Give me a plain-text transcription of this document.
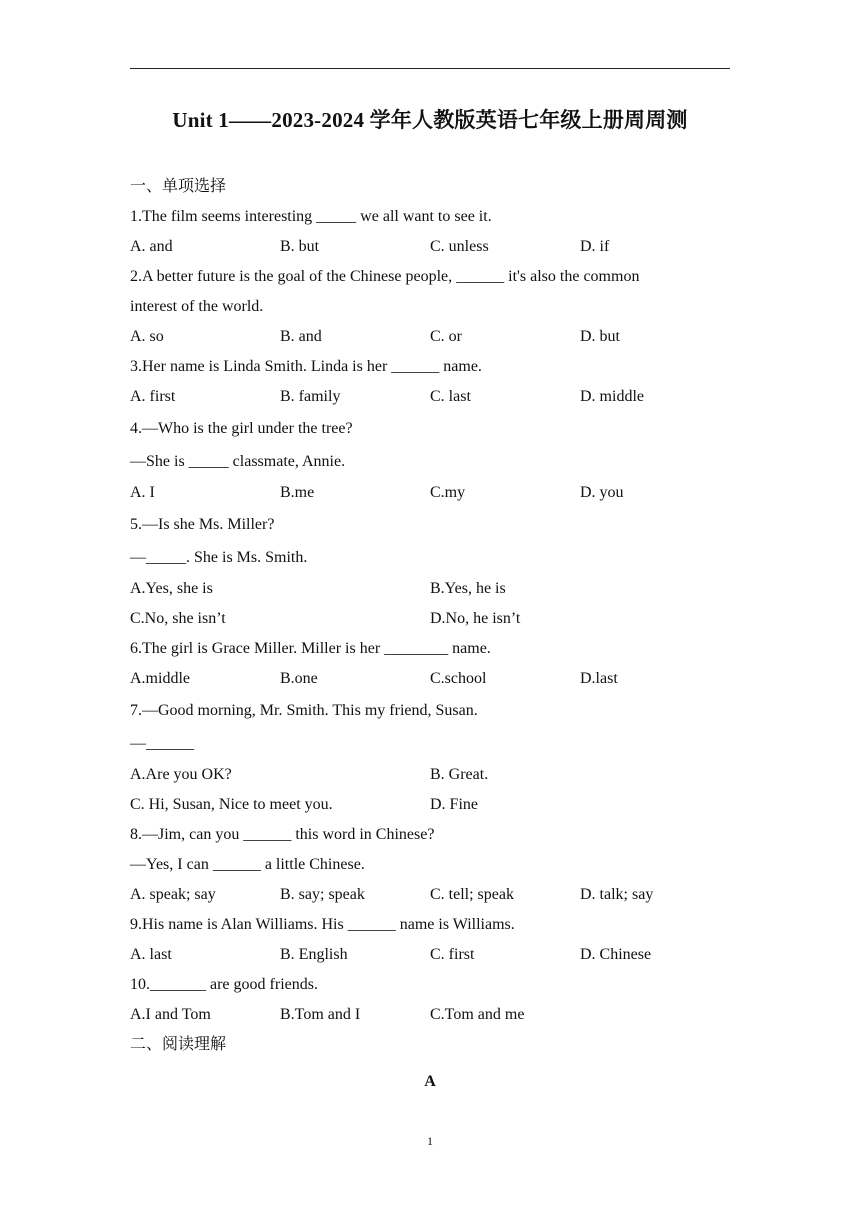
Unit 1——2023-2024 学年人教版英语七年级上册周周测
一、单项选择
1.The film seems interesting _____ we all want to see it.
A. and	B. but	C. unless	D. if
2.A better future is the goal of the Chinese people, ______ it's also the common
interest of the world.
A. so	B. and	C. or	D. but
3.Her name is Linda Smith. Linda is her ______ name.
A. first	B. family	C. last	D. middle
4.—Who is the girl under the tree?
—She is _____ classmate, Annie.
A. I	B.me	C.my	D. you
5.—Is she Ms. Miller?
—_____. She is Ms. Smith.
A.Yes, she is	B.Yes, he is
C.No, she isn’t	D.No, he isn’t
6.The girl is Grace Miller. Miller is her ________ name.
A.middle	B.one	C.school	D.last
7.—Good morning, Mr. Smith. This my friend, Susan.
—______
A.Are you OK?	B. Great.
C. Hi, Susan, Nice to meet you.	D. Fine
8.—Jim, can you ______ this word in Chinese?
—Yes, I can ______ a little Chinese.
A. speak; say	B. say; speak	C. tell; speak	D. talk; say
9.His name is Alan Williams. His ______ name is Williams.
A. last	B. English	C. first	D. Chinese
10._______ are good friends.
A.I and Tom	B.Tom and I	C.Tom and me
二、阅读理解
A
1
